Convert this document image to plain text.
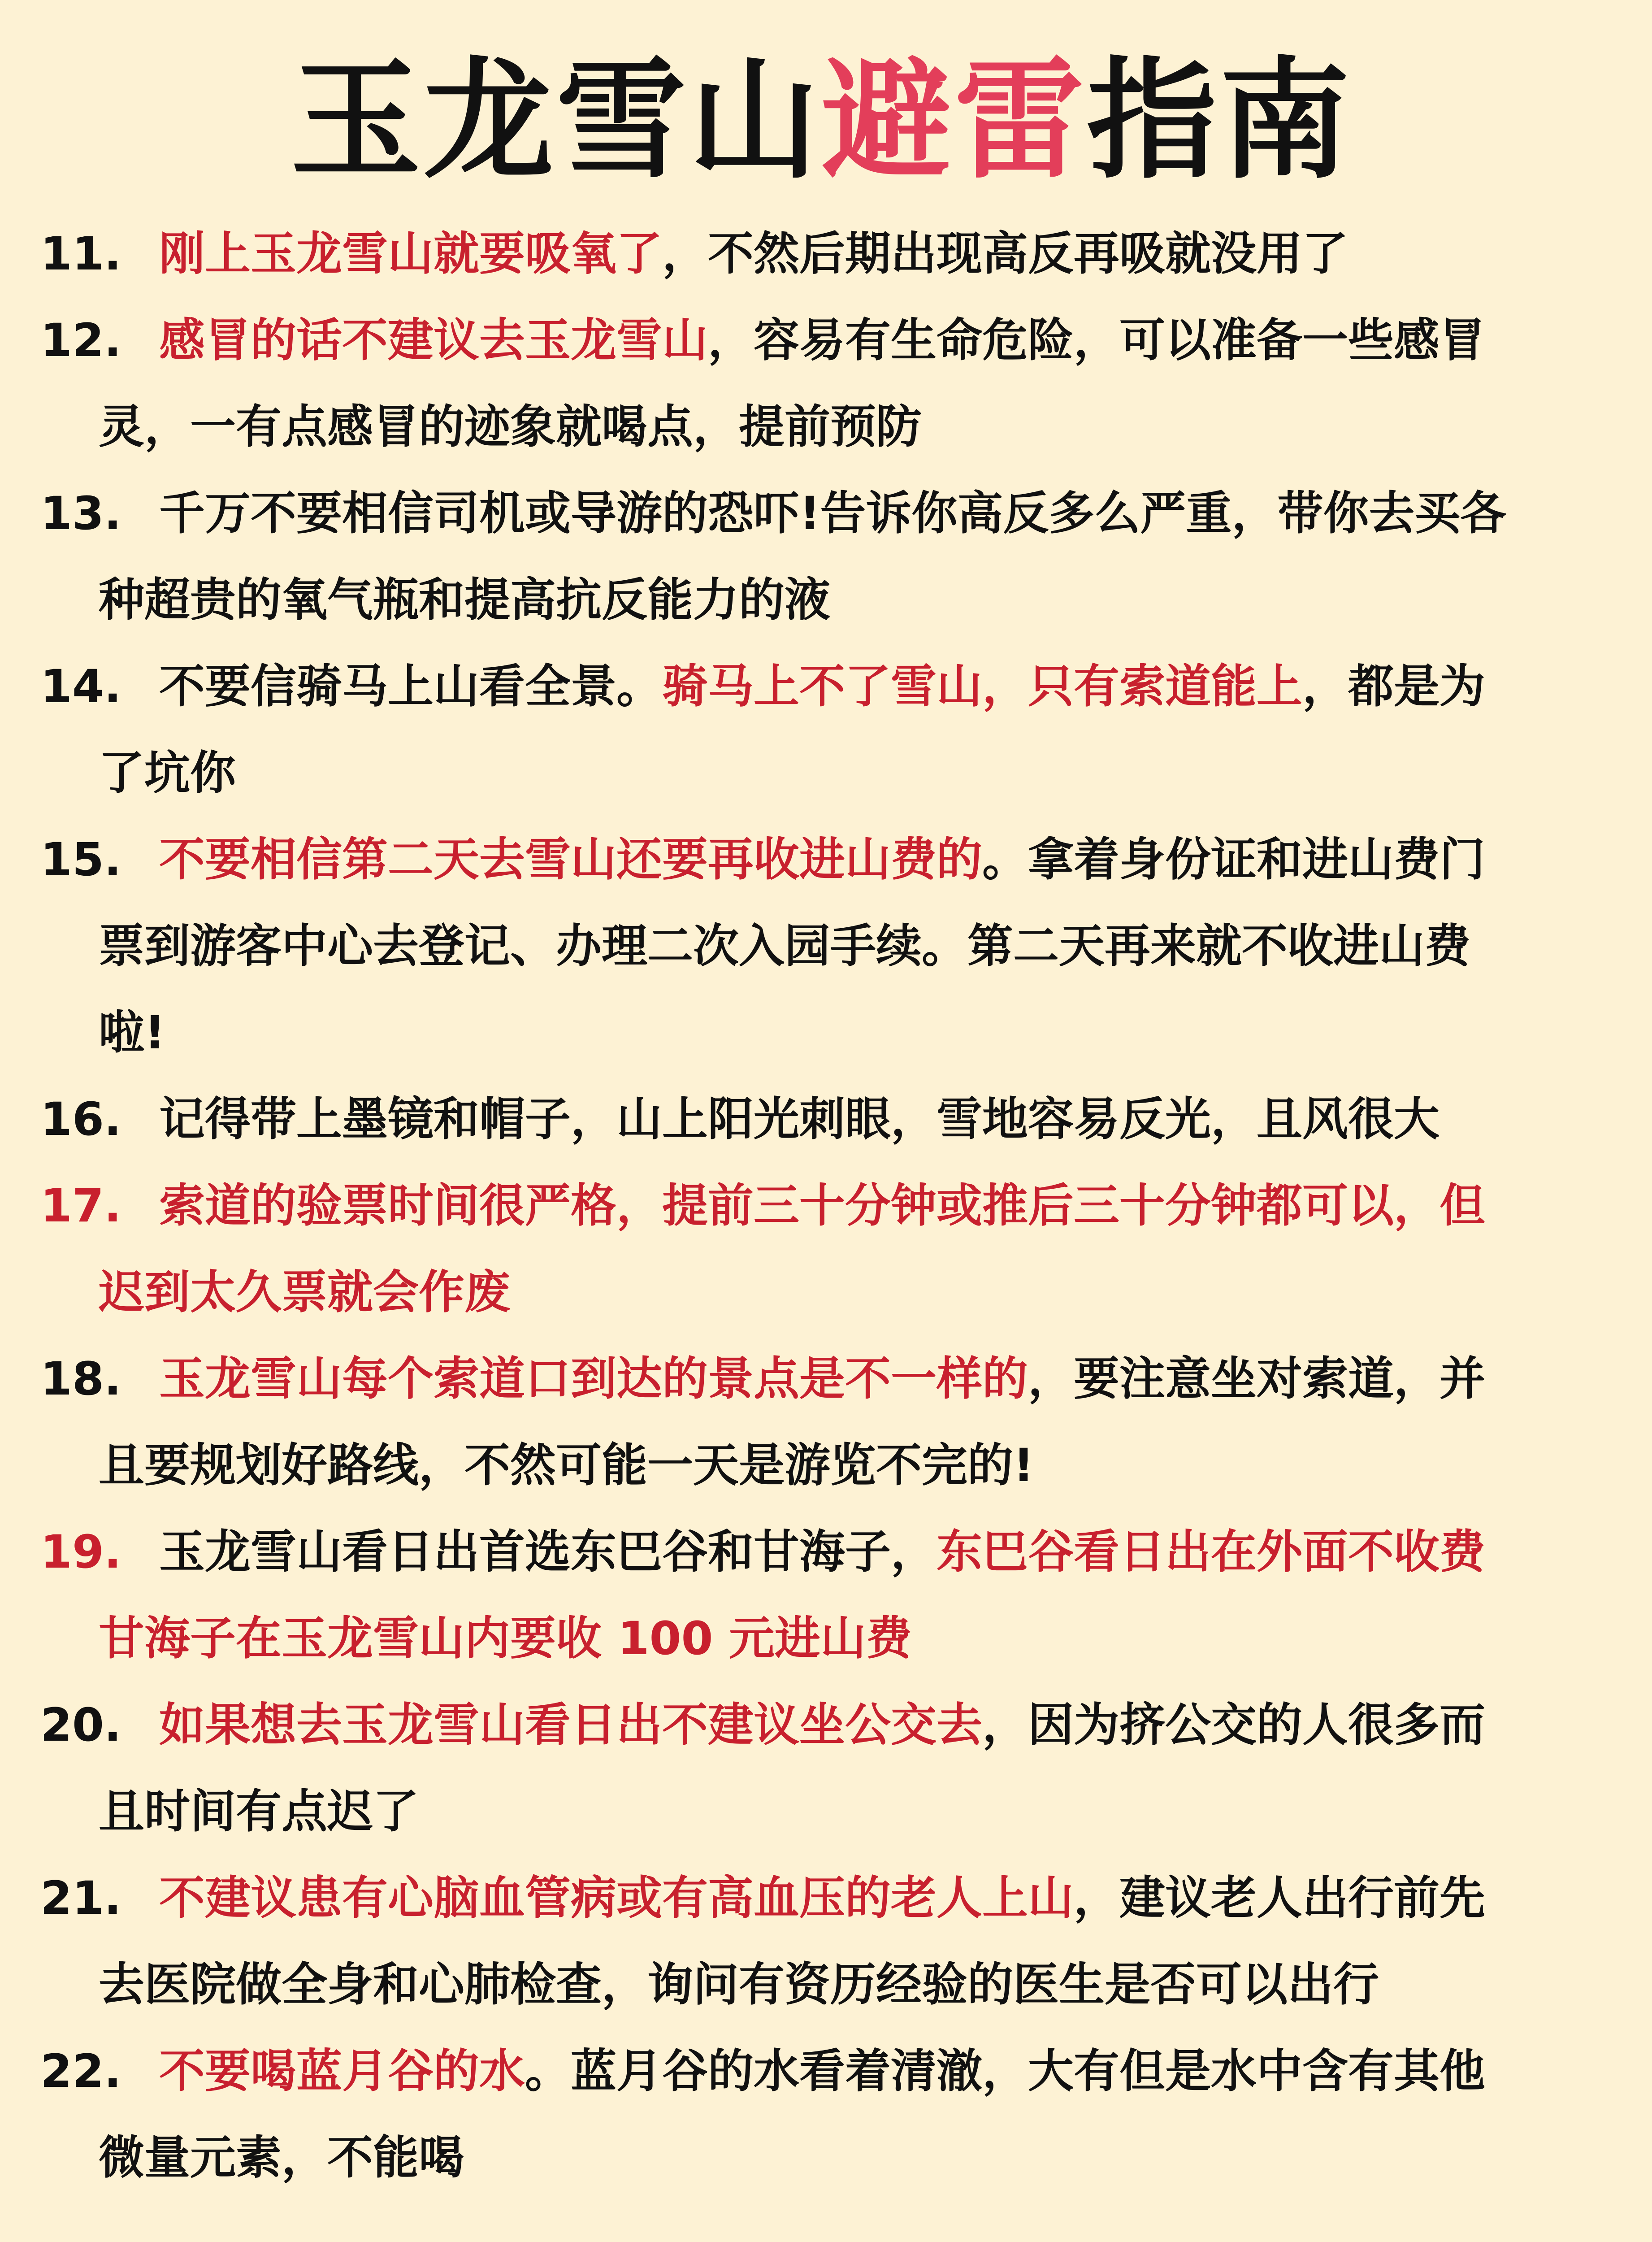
玉龙雪山避雷指南
11. 刚上玉龙雪山就要吸氧了，不然后期出现高反再吸就没用了
12. 感冒的话不建议去玉龙雪山，容易有生命危险，可以准备一些感冒
灵，一有点感冒的迹象就喝点，提前预防
13. 千万不要相信司机或导游的恐吓!告诉你高反多么严重，带你去买各
种超贵的氧气瓶和提高抗反能力的液
14. 不要信骑马上山看全景。骑马上不了雪山，只有索道能上，都是为
了坑你
15. 不要相信第二天去雪山还要再收进山费的。拿着身份证和进山费门
票到游客中心去登记、办理二次入园手续。第二天再来就不收进山费
啦!
16. 记得带上墨镜和帽子，山上阳光刺眼，雪地容易反光，且风很大
17. 索道的验票时间很严格，提前三十分钟或推后三十分钟都可以，但
迟到太久票就会作废
18. 玉龙雪山每个索道口到达的景点是不一样的，要注意坐对索道，并
且要规划好路线，不然可能一天是游览不完的!
19. 玉龙雪山看日出首选东巴谷和甘海子，东巴谷看日出在外面不收费
甘海子在玉龙雪山内要收 100 元进山费
20. 如果想去玉龙雪山看日出不建议坐公交去，因为挤公交的人很多而
且时间有点迟了
21. 不建议患有心脑血管病或有高血压的老人上山，建议老人出行前先
去医院做全身和心肺检查，询问有资历经验的医生是否可以出行
22. 不要喝蓝月谷的水。蓝月谷的水看着清澈，大有但是水中含有其他
微量元素，不能喝
